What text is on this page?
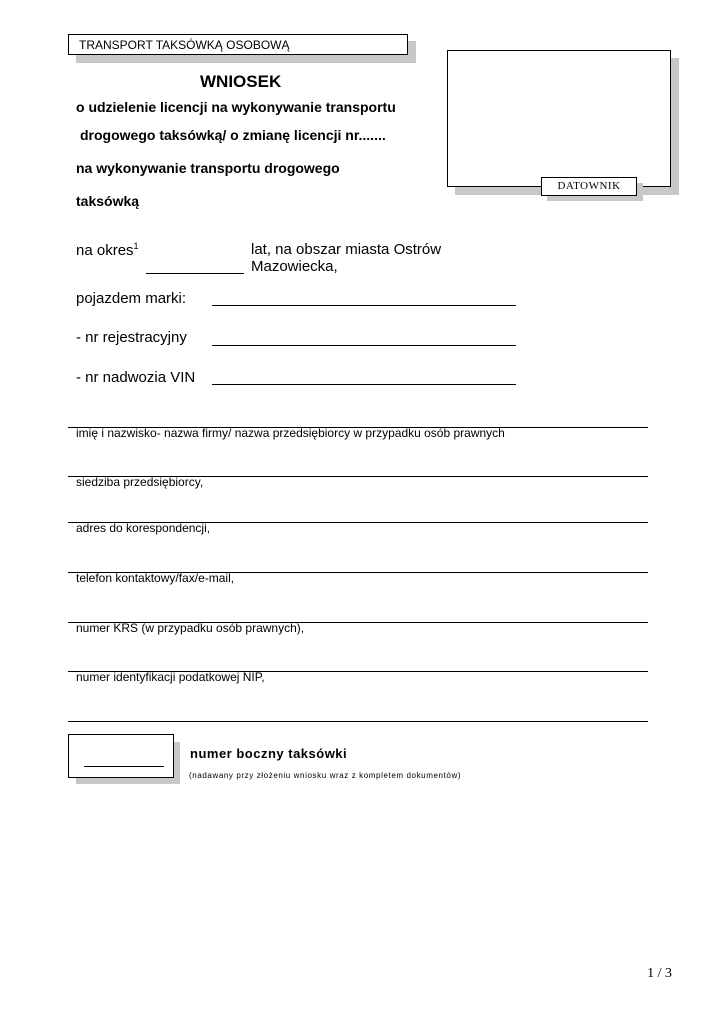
TRANSPORT TAKSÓWKĄ OSOBOWĄ
DATOWNIK
WNIOSEK
o udzielenie licencji na wykonywanie transportu
drogowego taksówką/ o zmianę licencji nr.......
na wykonywanie transportu drogowego
taksówką
na okres$^1$	lat, na obszar miasta Ostrów
Mazowiecka,
pojazdem marki:
- nr rejestracyjny
- nr nadwozia VIN
imię i nazwisko- nazwa firmy/ nazwa przedsiębiorcy w przypadku osób prawnych
siedziba przedsiębiorcy,
adres do korespondencji,
telefon kontaktowy/fax/e-mail,
numer KRS (w przypadku osób prawnych),
numer identyfikacji podatkowej NIP,
numer boczny taksówki
(nadawany przy złożeniu wniosku wraz z kompletem dokumentów)
1 / 3
